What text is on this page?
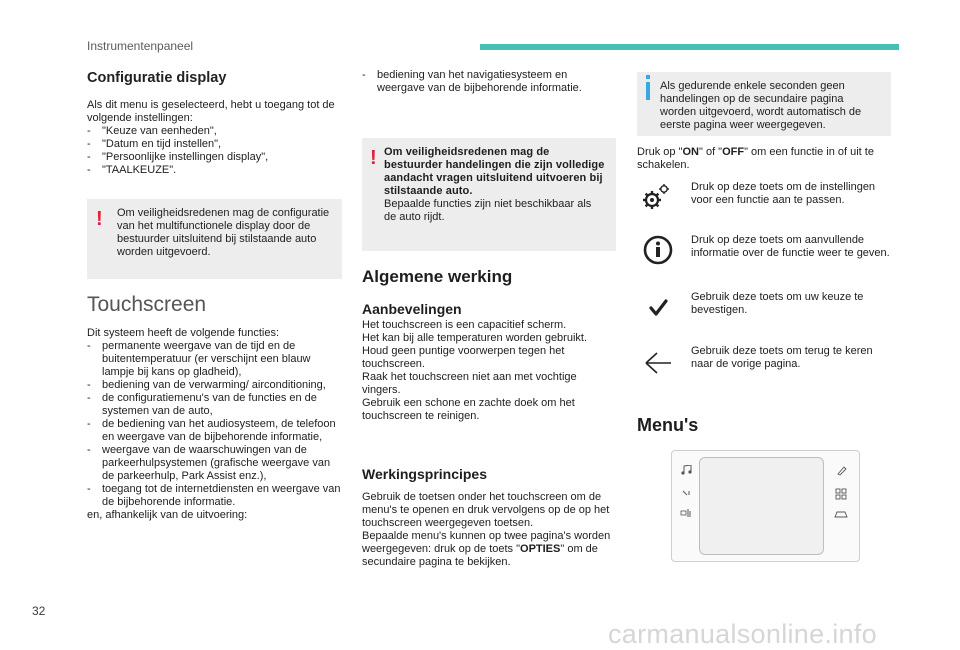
Instrumentenpaneel
Configuratie display

Als dit menu is geselecteerd, hebt u toegang tot de volgende instellingen:

- "Keuze van eenheden",
- "Datum en tijd instellen",
- "Persoonlijke instellingen display",
- "TAALKEUZE".
! Om veiligheidsredenen mag de configuratie van het multifunctionele display door de bestuurder uitsluitend bij stilstaande auto worden uitgevoerd.
Touchscreen

Dit systeem heeft de volgende functies:

- permanente weergave van de tijd en de buitentemperatuur (er verschijnt een blauw lampje bij kans op gladheid),
- bediening van de verwarming/ airconditioning,
- de configuratiemenu's van de functies en de systemen van de auto,
- de bediening van het audiosysteem, de telefoon en weergave van de bijbehorende informatie,
- weergave van de waarschuwingen van de parkeerhulpsystemen (grafische weergave van de parkeerhulp, Park Assist enz.),
- toegang tot de internetdiensten en weergave van de bijbehorende informatie.

en, afhankelijk van de uitvoering:

- bediening van het navigatiesysteem en weergave van de bijbehorende informatie.
! Om veiligheidsredenen mag de bestuurder handelingen die zijn volledige aandacht vragen uitsluitend uitvoeren bij stilstaande auto.
Bepaalde functies zijn niet beschikbaar als de auto rijdt.
Algemene werking
Aanbevelingen

Het touchscreen is een capacitief scherm.

Het kan bij alle temperaturen worden gebruikt.

Houd geen puntige voorwerpen tegen het touchscreen.

Raak het touchscreen niet aan met vochtige vingers.

Gebruik een schone en zachte doek om het touchscreen te reinigen.

Werkingsprincipes

Gebruik de toetsen onder het touchscreen om de menu's te openen en druk vervolgens op de op het touchscreen weergegeven toetsen.

Bepaalde menu's kunnen op twee pagina's worden weergegeven: druk op de toets "OPTIES" om de secundaire pagina te bekijken.

Als gedurende enkele seconden geen handelingen op de secundaire pagina worden uitgevoerd, wordt automatisch de eerste pagina weer weergegeven.

Druk op "ON" of "OFF" om een functie in of uit te schakelen.

Druk op deze toets om de instellingen voor een functie aan te passen.
Druk op deze toets om aanvullende informatie over de functie weer te geven.
Gebruik deze toets om uw keuze te bevestigen.
Gebruik deze toets om terug te keren naar de vorige pagina.
Menu's
32
carmanualsonline.info
